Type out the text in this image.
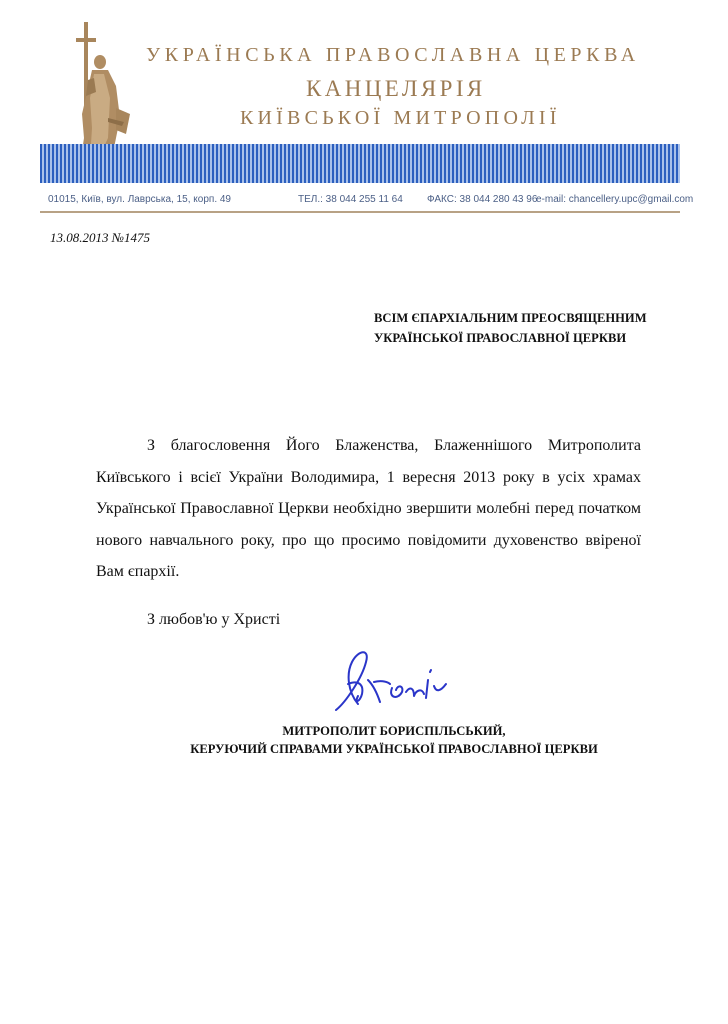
УКРАЇНСЬКА ПРАВОСЛАВНА ЦЕРКВА
КАНЦЕЛЯРІЯ
КИЇВСЬКОЇ МИТРОПОЛІЇ
01015, Київ, вул. Лаврська, 15, корп. 49	ТЕЛ.: 38 044 255 11 64 ФАКС: 38 044 280 43 96
e-mail: chancellery.upc@gmail.com
13.08.2013 №1475
ВСІМ ЄПАРХІАЛЬНИМ ПРЕОСВЯЩЕННИМ
УКРАЇНСЬКОЇ ПРАВОСЛАВНОЇ ЦЕРКВИ
З благословення Його Блаженства, Блаженнішого Митрополита Київського і всієї України Володимира, 1 вересня 2013 року в усіх храмах Української Православної Церкви необхідно звершити молебні перед початком нового навчального року, про що просимо повідомити духовенство ввіреної Вам єпархії.
З любов'ю у Христі
МИТРОПОЛИТ БОРИСПІЛЬСЬКИЙ,
КЕРУЮЧИЙ СПРАВАМИ УКРАЇНСЬКОЇ ПРАВОСЛАВНОЇ ЦЕРКВИ
